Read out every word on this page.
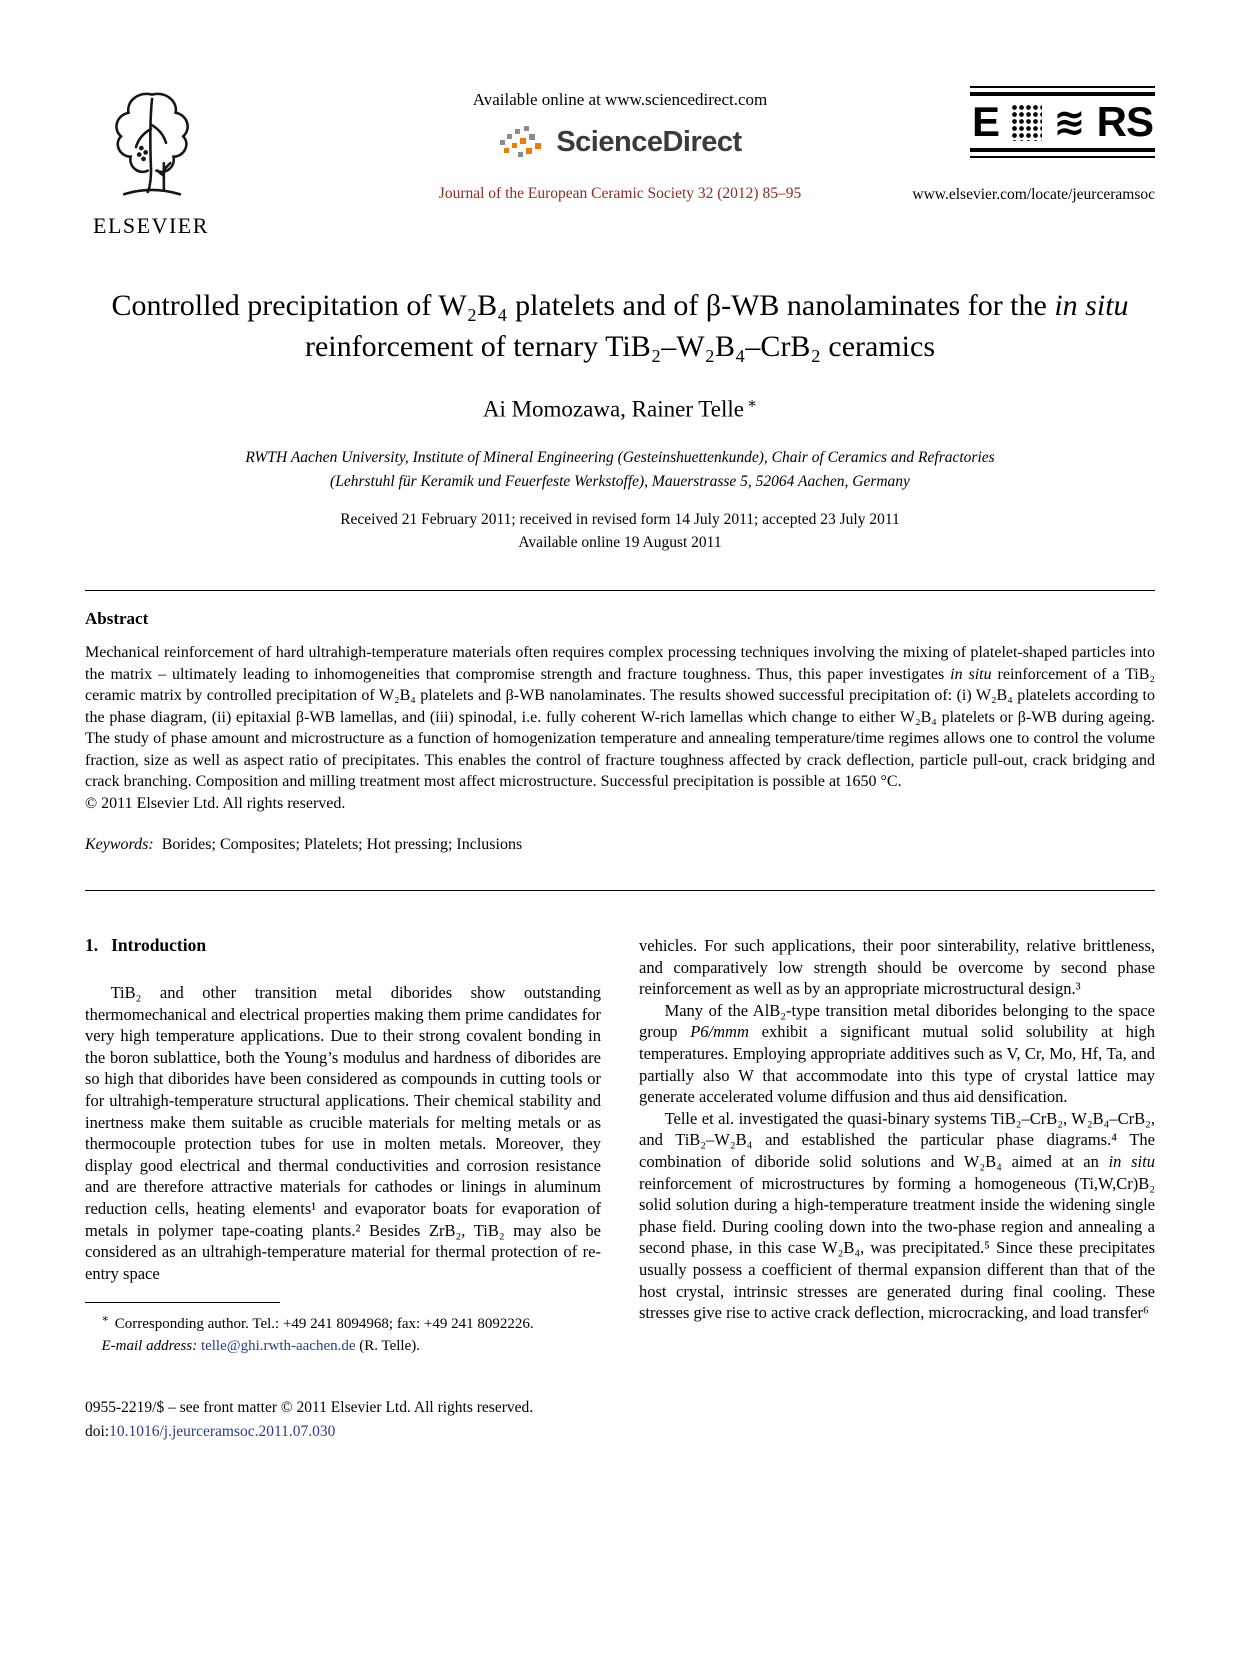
ELSEVIER
Available online at www.sciencedirect.com
ScienceDirect
Journal of the European Ceramic Society 32 (2012) 85–95
E ≋ RS
www.elsevier.com/locate/jeurceramsoc
Controlled precipitation of W₂B₄ platelets and of β-WB nanolaminates for the in situ reinforcement of ternary TiB₂–W₂B₄–CrB₂ ceramics
Ai Momozawa, Rainer Telle ∗
RWTH Aachen University, Institute of Mineral Engineering (Gesteinshuettenkunde), Chair of Ceramics and Refractories
(Lehrstuhl für Keramik und Feuerfeste Werkstoffe), Mauerstrasse 5, 52064 Aachen, Germany
Received 21 February 2011; received in revised form 14 July 2011; accepted 23 July 2011
Available online 19 August 2011
Abstract

Mechanical reinforcement of hard ultrahigh-temperature materials often requires complex processing techniques involving the mixing of platelet-shaped particles into the matrix – ultimately leading to inhomogeneities that compromise strength and fracture toughness. Thus, this paper investigates in situ reinforcement of a TiB₂ ceramic matrix by controlled precipitation of W₂B₄ platelets and β-WB nanolaminates. The results showed successful precipitation of: (i) W₂B₄ platelets according to the phase diagram, (ii) epitaxial β-WB lamellas, and (iii) spinodal, i.e. fully coherent W-rich lamellas which change to either W₂B₄ platelets or β-WB during ageing. The study of phase amount and microstructure as a function of homogenization temperature and annealing temperature/time regimes allows one to control the volume fraction, size as well as aspect ratio of precipitates. This enables the control of fracture toughness affected by crack deflection, particle pull-out, crack bridging and crack branching. Composition and milling treatment most affect microstructure. Successful precipitation is possible at 1650 °C.

© 2011 Elsevier Ltd. All rights reserved.
Keywords: Borides; Composites; Platelets; Hot pressing; Inclusions
1. Introduction

TiB₂ and other transition metal diborides show outstanding thermomechanical and electrical properties making them prime candidates for very high temperature applications. Due to their strong covalent bonding in the boron sublattice, both the Young’s modulus and hardness of diborides are so high that diborides have been considered as compounds in cutting tools or for ultrahigh-temperature structural applications. Their chemical stability and inertness make them suitable as crucible materials for melting metals or as thermocouple protection tubes for use in molten metals. Moreover, they display good electrical and thermal conductivities and corrosion resistance and are therefore attractive materials for cathodes or linings in aluminum reduction cells, heating elements¹ and evaporator boats for evaporation of metals in polymer tape-coating plants.² Besides ZrB₂, TiB₂ may also be considered as an ultrahigh-temperature material for thermal protection of re-entry space

∗ Corresponding author. Tel.: +49 241 8094968; fax: +49 241 8092226.

E-mail address: telle@ghi.rwth-aachen.de (R. Telle).

vehicles. For such applications, their poor sinterability, relative brittleness, and comparatively low strength should be overcome by second phase reinforcement as well as by an appropriate microstructural design.³

Many of the AlB₂-type transition metal diborides belonging to the space group P6/mmm exhibit a significant mutual solid solubility at high temperatures. Employing appropriate additives such as V, Cr, Mo, Hf, Ta, and partially also W that accommodate into this type of crystal lattice may generate accelerated volume diffusion and thus aid densification.

Telle et al. investigated the quasi-binary systems TiB₂–CrB₂, W₂B₄–CrB₂, and TiB₂–W₂B₄ and established the particular phase diagrams.⁴ The combination of diboride solid solutions and W₂B₄ aimed at an in situ reinforcement of microstructures by forming a homogeneous (Ti,W,Cr)B₂ solid solution during a high-temperature treatment inside the widening single phase field. During cooling down into the two-phase region and annealing a second phase, in this case W₂B₄, was precipitated.⁵ Since these precipitates usually possess a coefficient of thermal expansion different than that of the host crystal, intrinsic stresses are generated during final cooling. These stresses give rise to active crack deflection, microcracking, and load transfer⁶

0955-2219/$ – see front matter © 2011 Elsevier Ltd. All rights reserved.
doi:10.1016/j.jeurceramsoc.2011.07.030
